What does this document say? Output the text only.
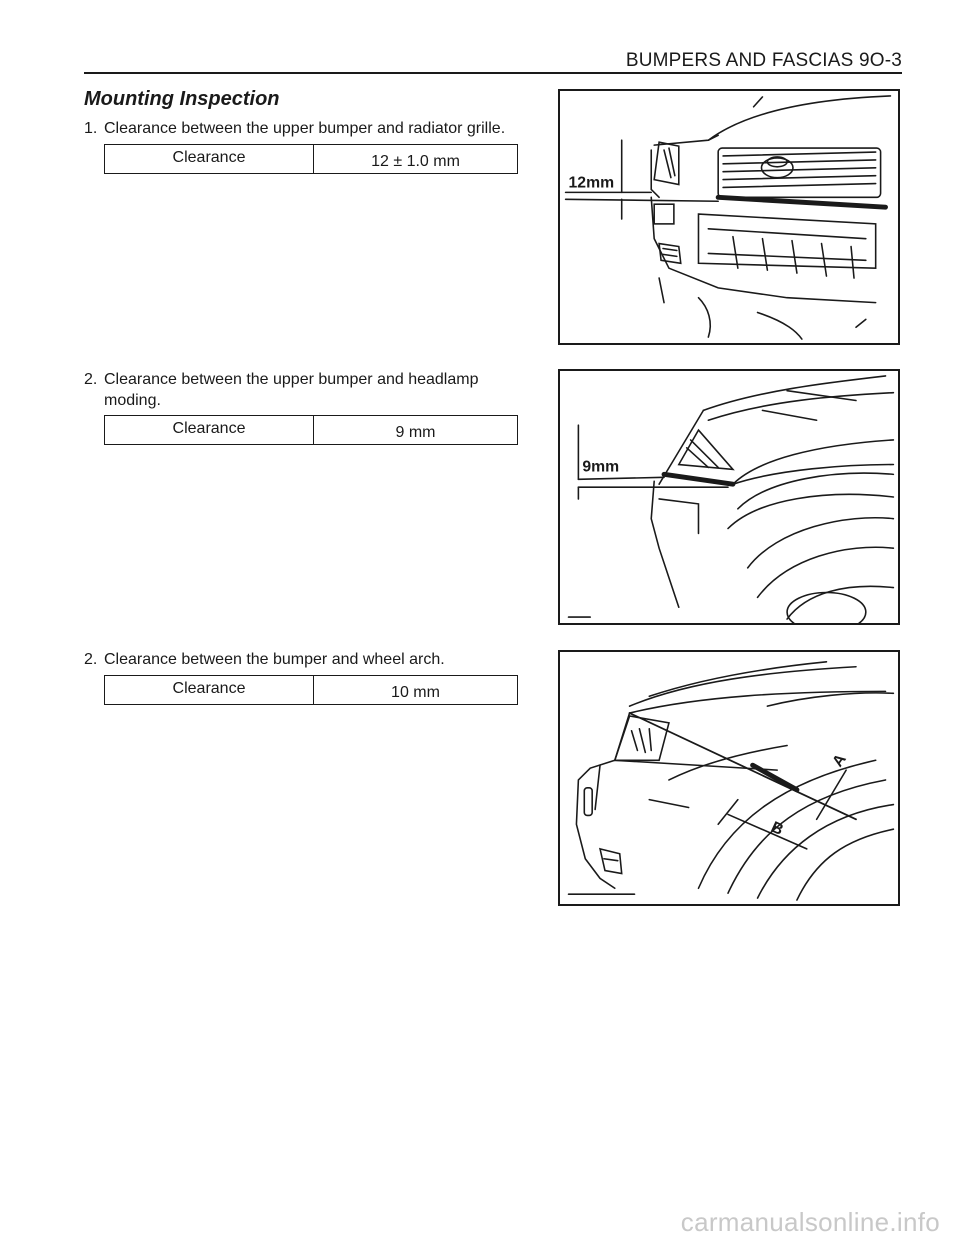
BUMPERS AND FASCIAS 9O-3
Mounting Inspection
1. Clearance between the upper bumper and radiator grille.
Clearance	12 ± 1.0 mm
12mm
2. Clearance between the upper bumper and headlamp
moding.
Clearance	9 mm
9mm
2. Clearance between the bumper and wheel arch.
Clearance	10 mm
A
B
carmanualsonline.info
